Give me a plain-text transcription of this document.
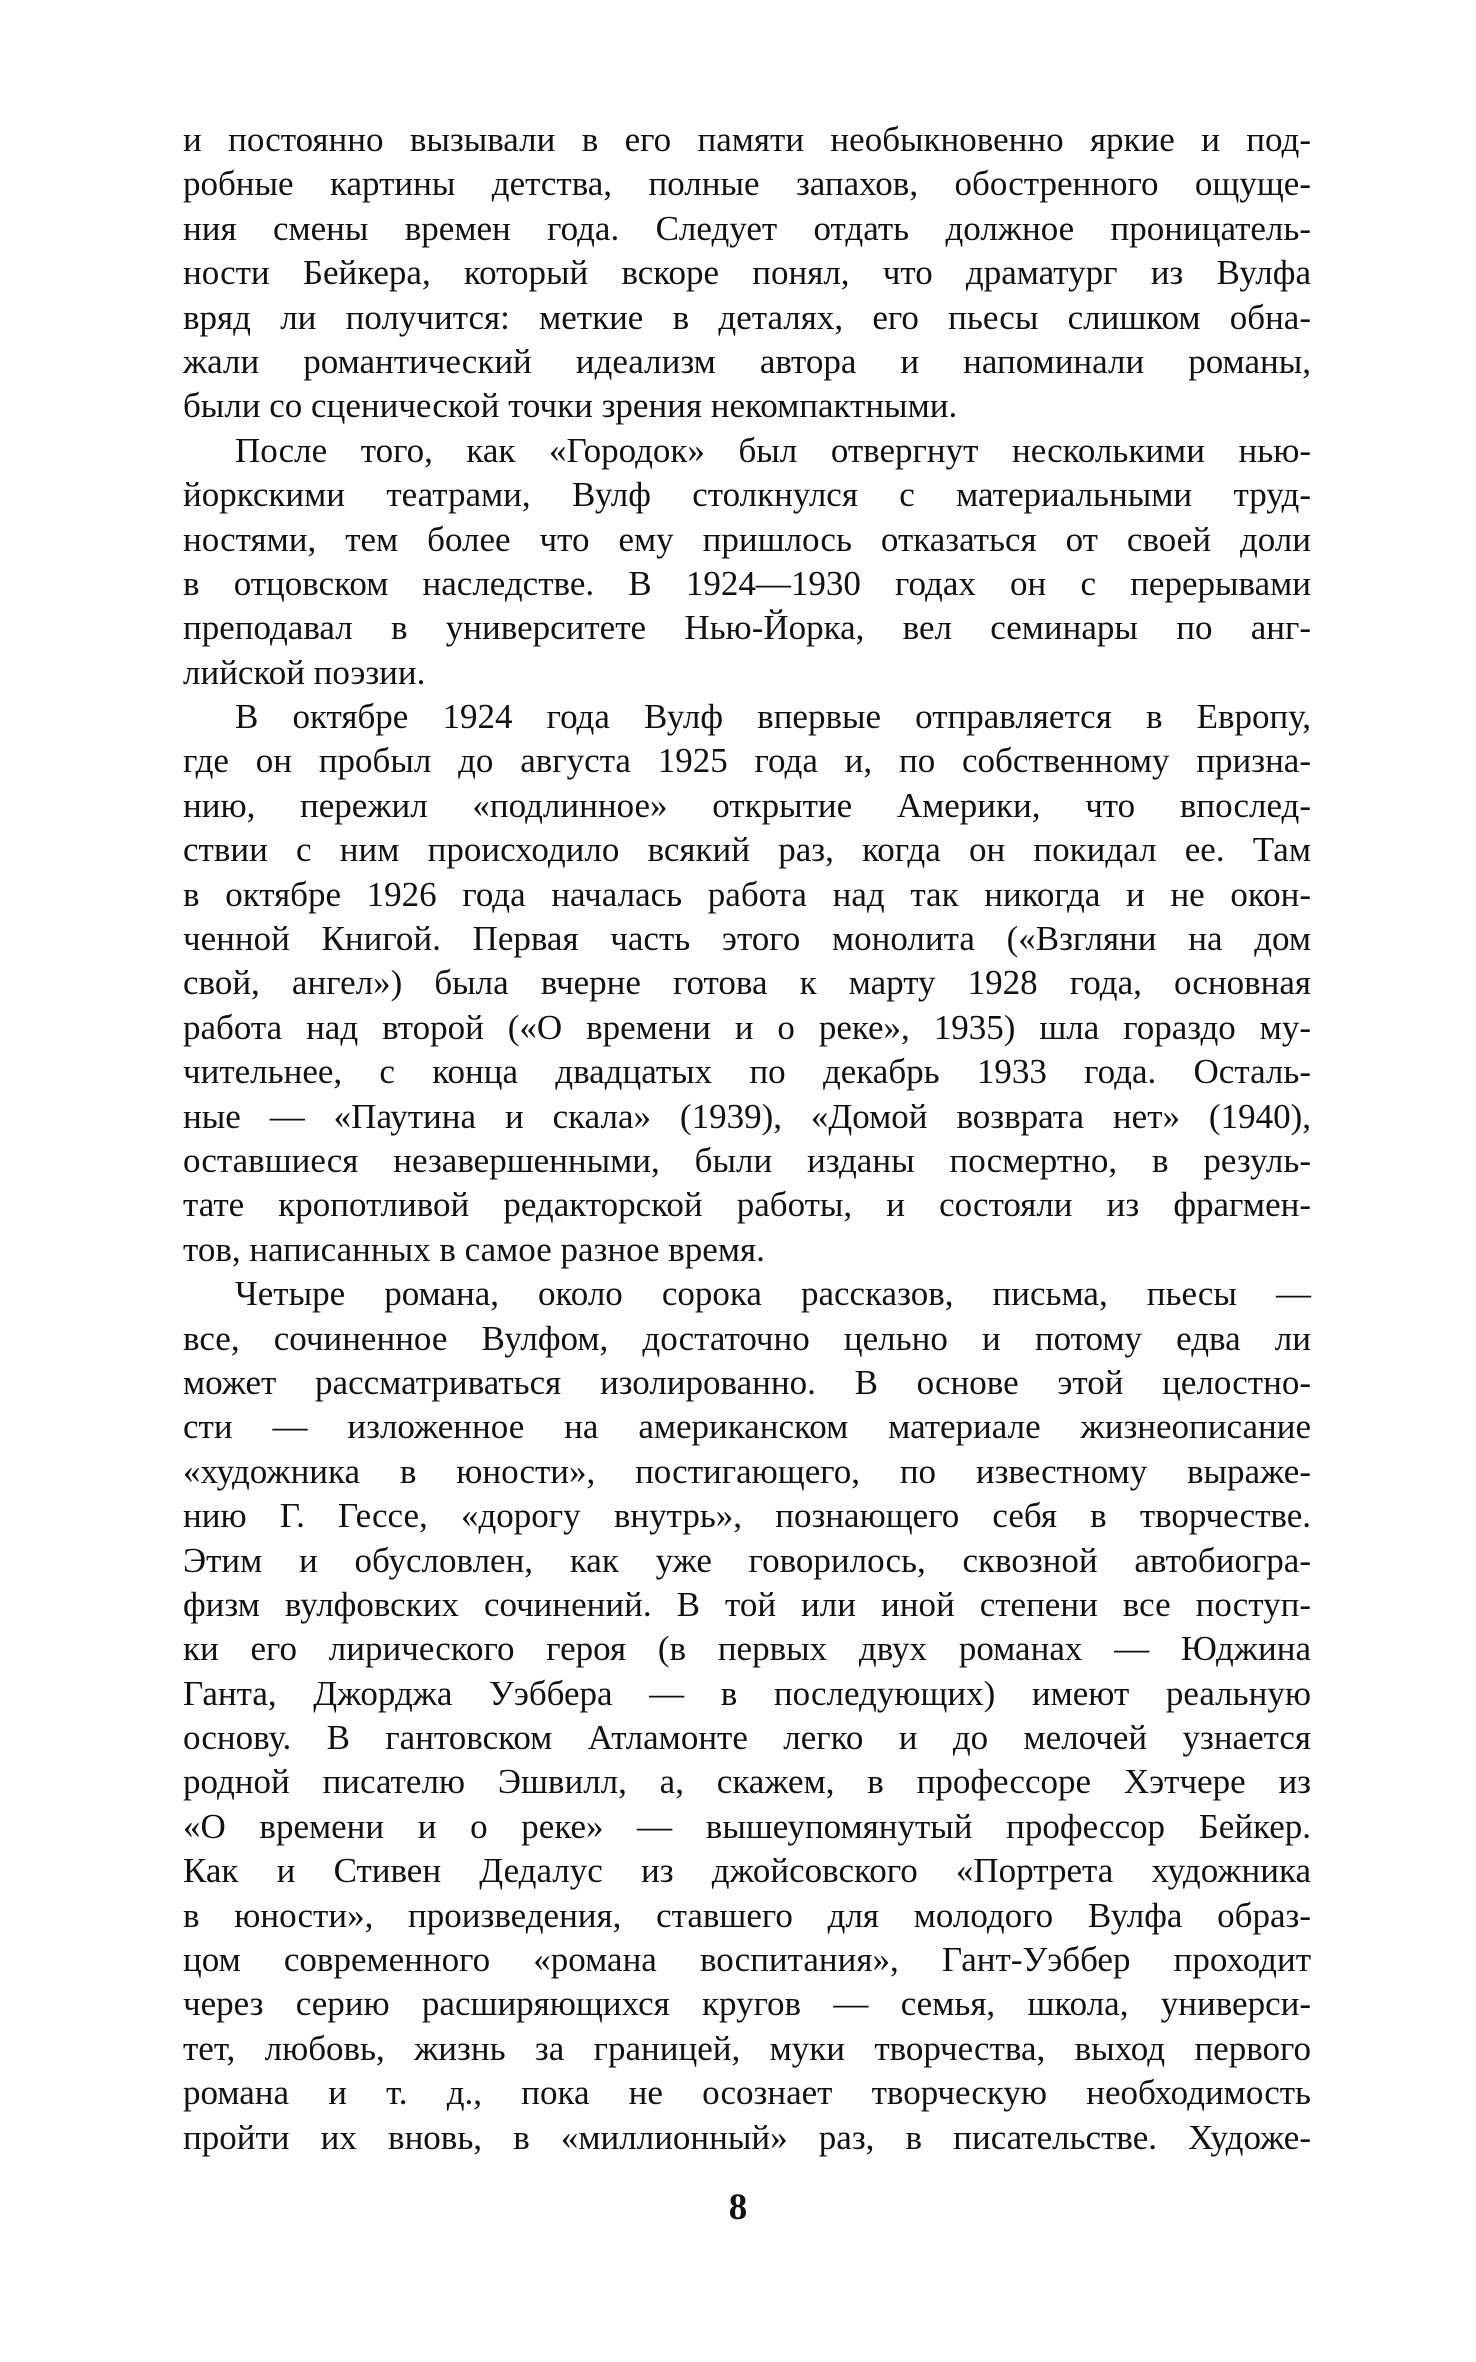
и постоянно вызывали в его памяти необыкновенно яркие и под-
робные картины детства, полные запахов, обостренного ощуще-
ния смены времен года. Следует отдать должное проницатель-
ности Бейкера, который вскоре понял, что драматург из Вулфа
вряд ли получится: меткие в деталях, его пьесы слишком обна-
жали романтический идеализм автора и напоминали романы,
были со сценической точки зрения некомпактными.
После того, как «Городок» был отвергнут несколькими нью-
йоркскими театрами, Вулф столкнулся с материальными труд-
ностями, тем более что ему пришлось отказаться от своей доли
в отцовском наследстве. В 1924—1930 годах он с перерывами
преподавал в университете Нью-Йорка, вел семинары по анг-
лийской поэзии.
В октябре 1924 года Вулф впервые отправляется в Европу,
где он пробыл до августа 1925 года и, по собственному призна-
нию, пережил «подлинное» открытие Америки, что впослед-
ствии с ним происходило всякий раз, когда он покидал ее. Там
в октябре 1926 года началась работа над так никогда и не окон-
ченной Книгой. Первая часть этого монолита («Взгляни на дом
свой, ангел») была вчерне готова к марту 1928 года, основная
работа над второй («О времени и о реке», 1935) шла гораздо му-
чительнее, с конца двадцатых по декабрь 1933 года. Осталь-
ные — «Паутина и скала» (1939), «Домой возврата нет» (1940),
оставшиеся незавершенными, были изданы посмертно, в резуль-
тате кропотливой редакторской работы, и состояли из фрагмен-
тов, написанных в самое разное время.
Четыре романа, около сорока рассказов, письма, пьесы —
все, сочиненное Вулфом, достаточно цельно и потому едва ли
может рассматриваться изолированно. В основе этой целостно-
сти — изложенное на американском материале жизнеописание
«художника в юности», постигающего, по известному выраже-
нию Г. Гессе, «дорогу внутрь», познающего себя в творчестве.
Этим и обусловлен, как уже говорилось, сквозной автобиогра-
физм вулфовских сочинений. В той или иной степени все поступ-
ки его лирического героя (в первых двух романах — Юджина
Ганта, Джорджа Уэббера — в последующих) имеют реальную
основу. В гантовском Атламонте легко и до мелочей узнается
родной писателю Эшвилл, а, скажем, в профессоре Хэтчере из
«О времени и о реке» — вышеупомянутый профессор Бейкер.
Как и Стивен Дедалус из джойсовского «Портрета художника
в юности», произведения, ставшего для молодого Вулфа образ-
цом современного «романа воспитания», Гант-Уэббер проходит
через серию расширяющихся кругов — семья, школа, универси-
тет, любовь, жизнь за границей, муки творчества, выход первого
романа и т. д., пока не осознает творческую необходимость
пройти их вновь, в «миллионный» раз, в писательстве. Художе-
8
